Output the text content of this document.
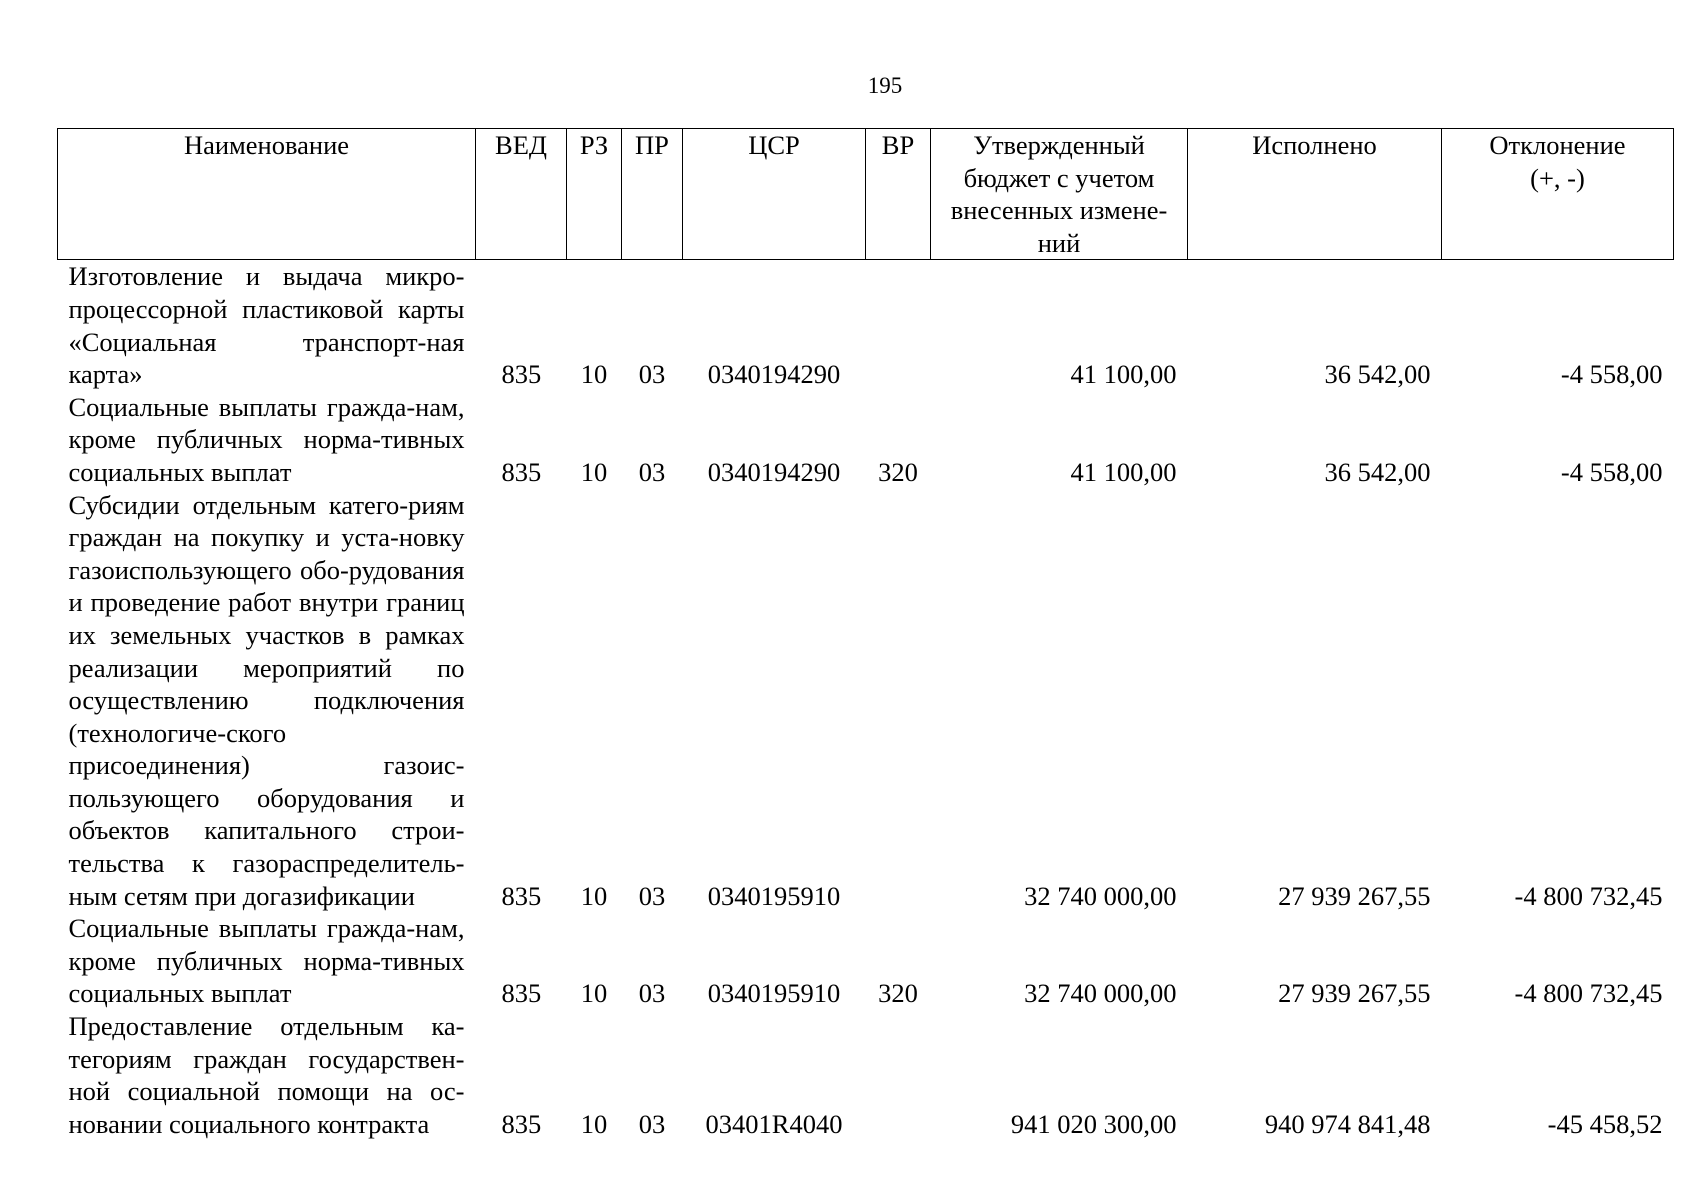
195
Наименование	ВЕД	РЗ	ПР	ЦСР	ВР	Утвержденный бюджет с учетом внесенных измене-ний	Исполнено	Отклонение (+, -)
Изготовление и выдача микро-процессорной пластиковой карты «Социальная транспорт-ная карта»	835	10	03	0340194290		41 100,00	36 542,00	-4 558,00
Социальные выплаты гражда-нам, кроме публичных норма-тивных социальных выплат	835	10	03	0340194290	320	41 100,00	36 542,00	-4 558,00
Субсидии отдельным катего-риям граждан на покупку и уста-новку газоиспользующего обо-рудования и проведение работ внутри границ их земельных участков в рамках реализации мероприятий по осуществлению подключения (технологиче-ского присоединения) газоис-пользующего оборудования и объектов капитального строи-тельства к газораспределитель-ным сетям при догазификации	835	10	03	0340195910		32 740 000,00	27 939 267,55	-4 800 732,45
Социальные выплаты гражда-нам, кроме публичных норма-тивных социальных выплат	835	10	03	0340195910	320	32 740 000,00	27 939 267,55	-4 800 732,45
Предоставление отдельным ка-тегориям граждан государствен-ной социальной помощи на ос-новании социального контракта	835	10	03	03401R4040		941 020 300,00	940 974 841,48	-45 458,52
